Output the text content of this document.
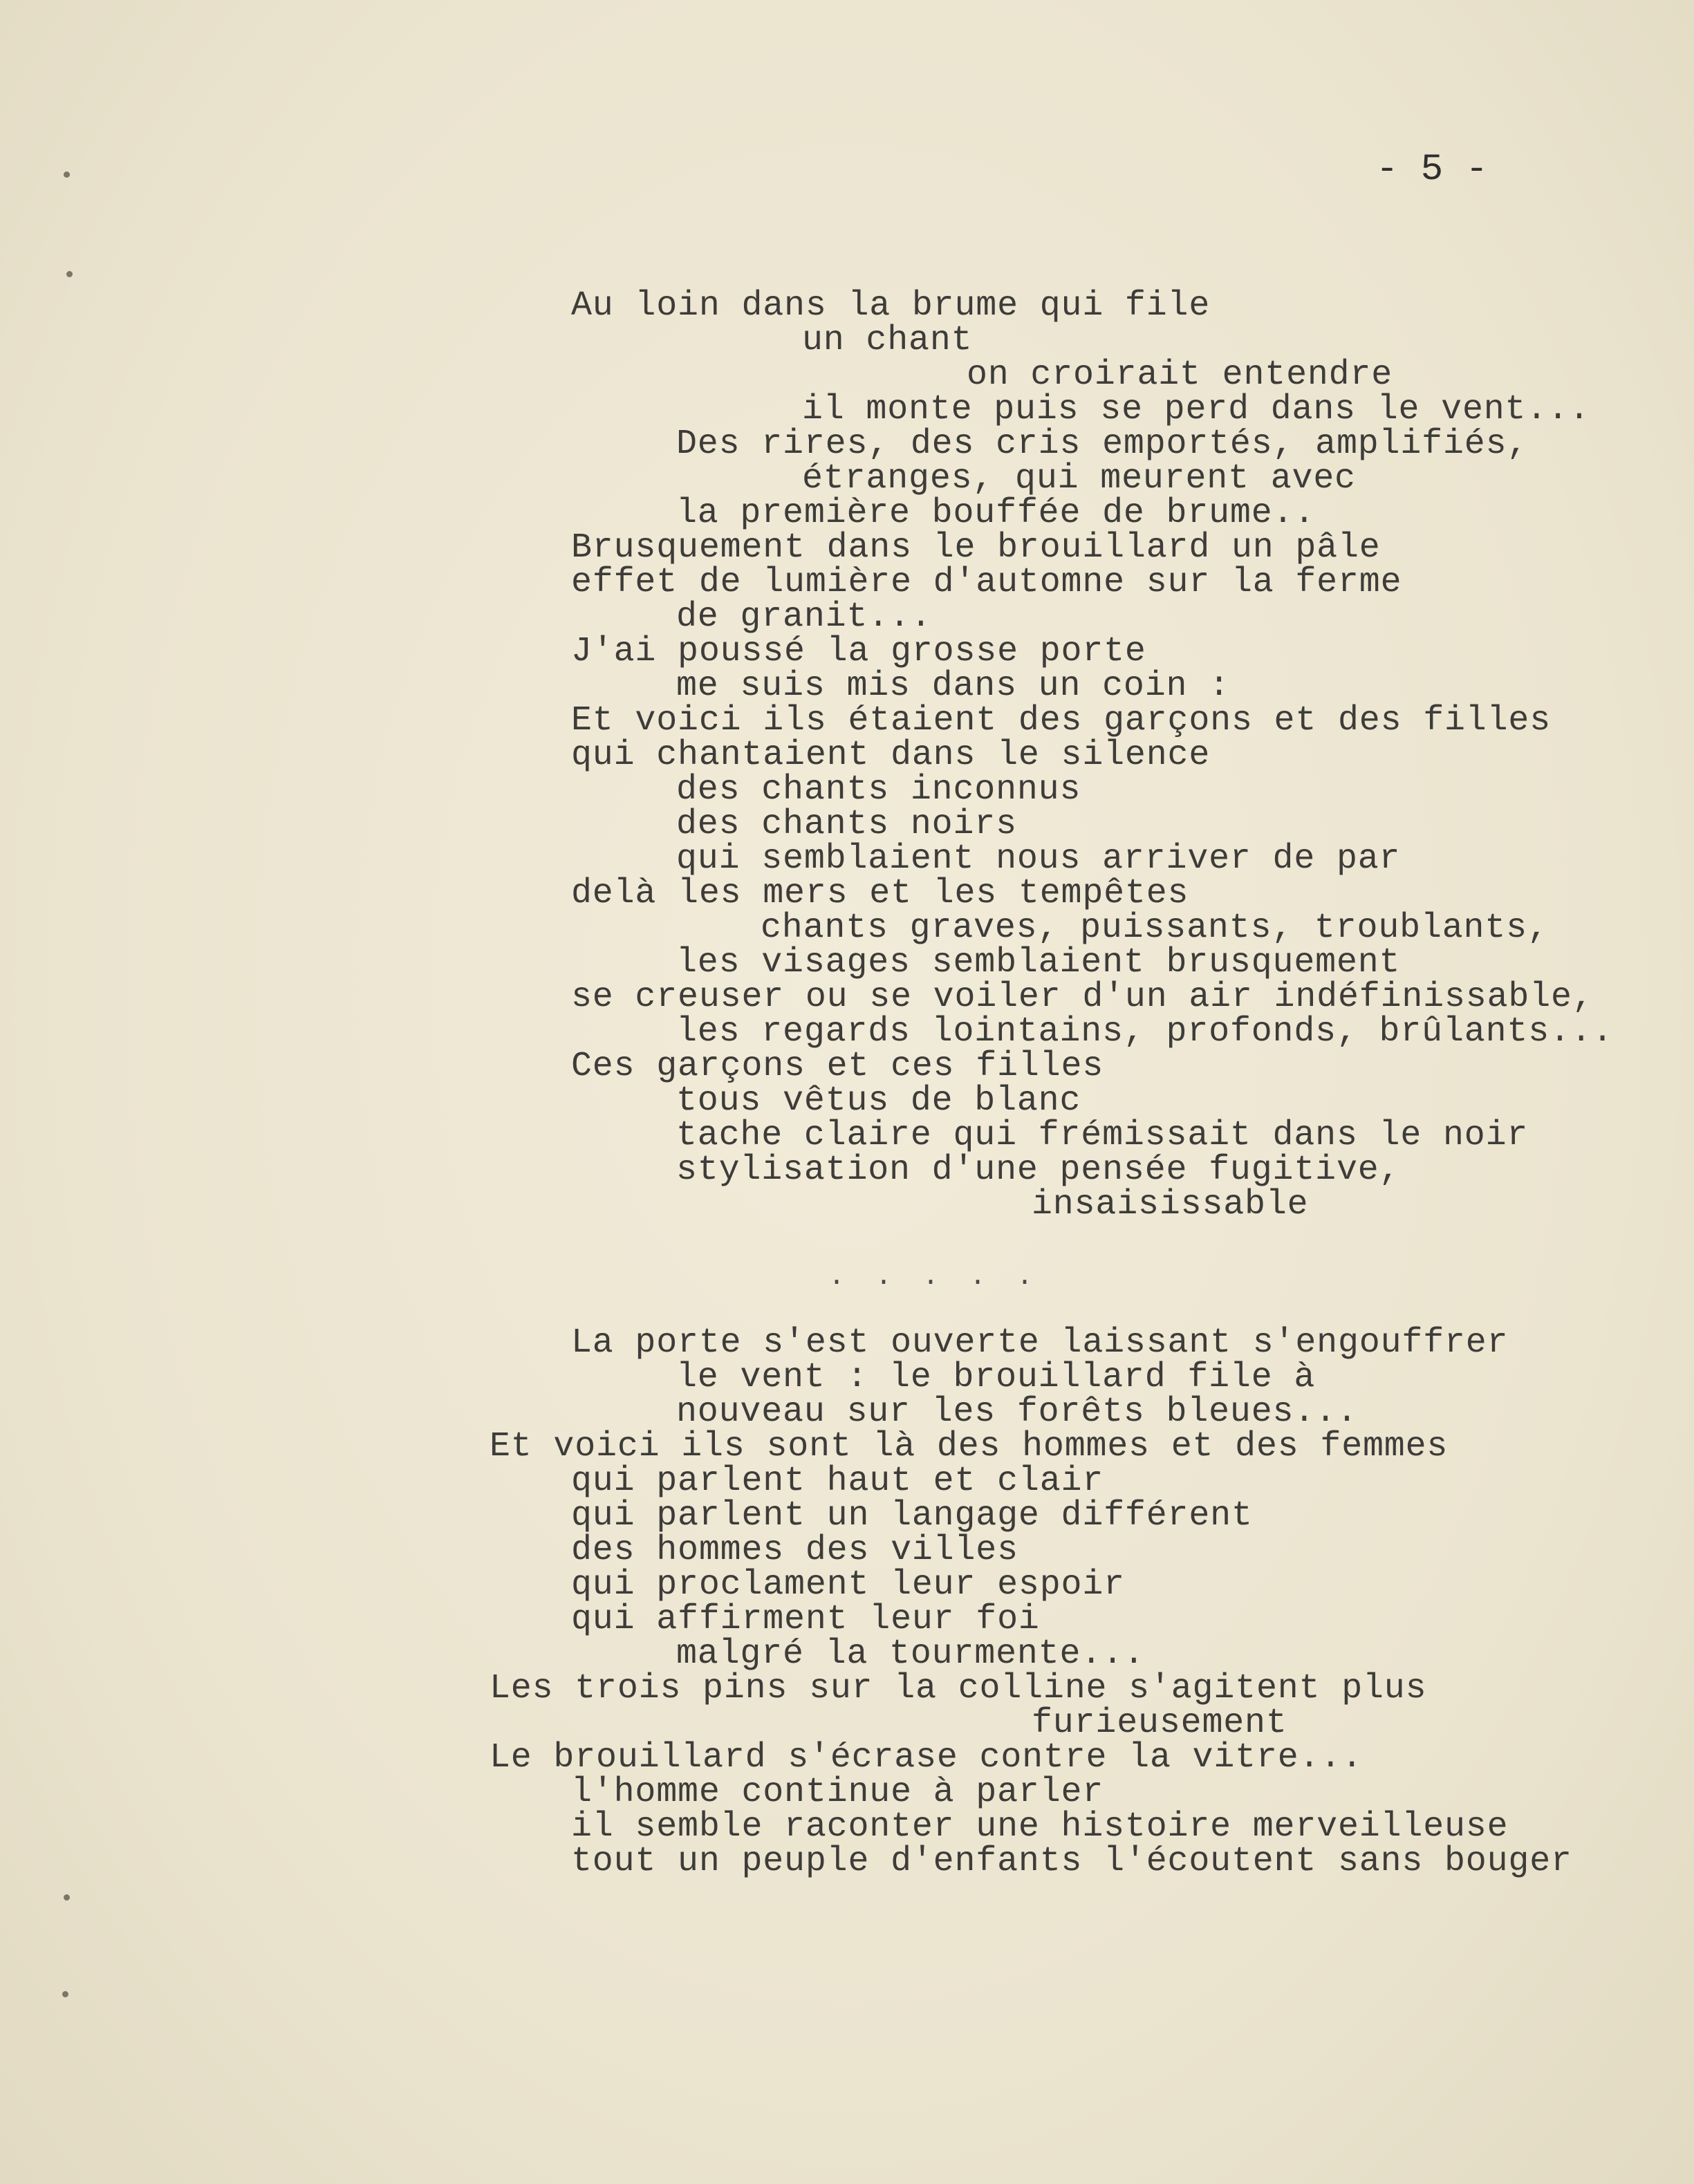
- 5 -
Au loin dans la brume qui file
un chant
on croirait entendre
il monte puis se perd dans le vent...
Des rires, des cris emportés, amplifiés,
étranges, qui meurent avec
la première bouffée de brume..
Brusquement dans le brouillard un pâle
effet de lumière d'automne sur la ferme
de granit...
J'ai poussé la grosse porte
me suis mis dans un coin :
Et voici ils étaient des garçons et des filles
qui chantaient dans le silence
des chants inconnus
des chants noirs
qui semblaient nous arriver de par
delà les mers et les tempêtes
chants graves, puissants, troublants,
les visages semblaient brusquement
se creuser ou se voiler d'un air indéfinissable,
les regards lointains, profonds, brûlants...
Ces garçons et ces filles
tous vêtus de blanc
tache claire qui frémissait dans le noir
stylisation d'une pensée fugitive,
insaisissable
. . . . .
La porte s'est ouverte laissant s'engouffrer
le vent : le brouillard file à
nouveau sur les forêts bleues...
Et voici ils sont là des hommes et des femmes
qui parlent haut et clair
qui parlent un langage différent
des hommes des villes
qui proclament leur espoir
qui affirment leur foi
malgré la tourmente...
Les trois pins sur la colline s'agitent plus
furieusement
Le brouillard s'écrase contre la vitre...
l'homme continue à parler
il semble raconter une histoire merveilleuse
tout un peuple d'enfants l'écoutent sans bouger
